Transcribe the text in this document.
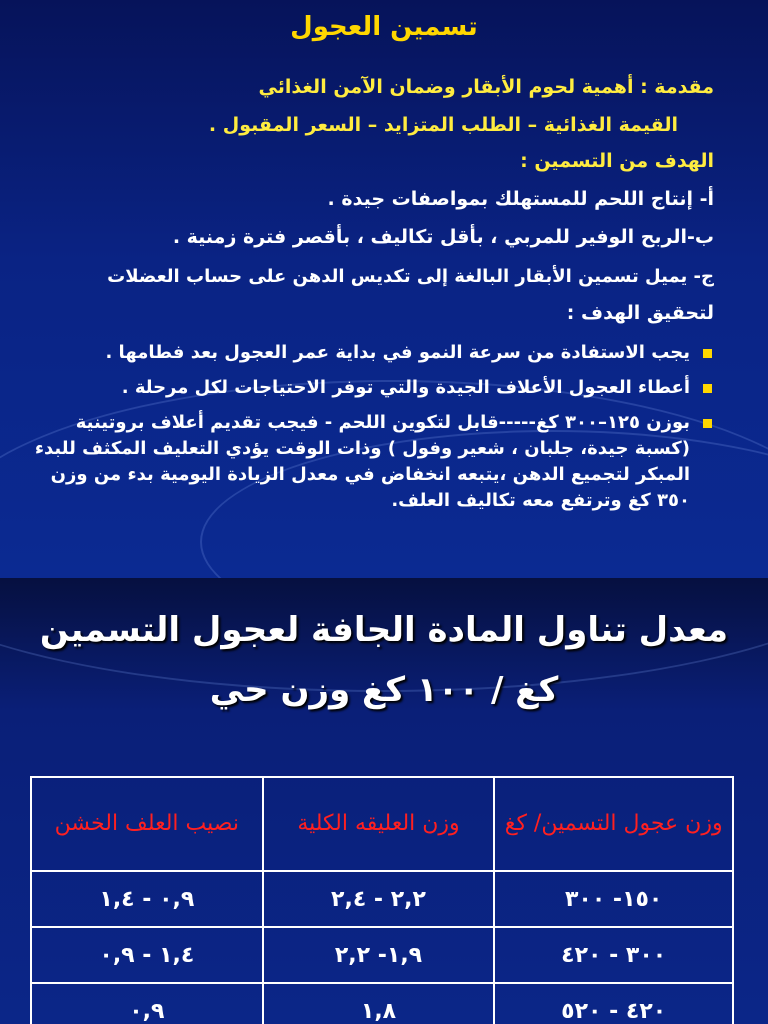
تسمين العجول
مقدمة : أهمية لحوم الأبقار وضمان الآمن الغذائي
القيمة الغذائية – الطلب المتزايد – السعر المقبول .
الهدف من التسمين :
أ- إنتاج اللحم للمستهلك بمواصفات جيدة .
ب-الربح الوفير للمربي ، بأقل تكاليف ، بأقصر فترة زمنية .
ج- يميل تسمين الأبقار البالغة إلى تكديس الدهن على حساب العضلات
لتحقيق الهدف :
يجب الاستفادة من سرعة النمو في بداية عمر العجول بعد فطامها .
أعطاء العجول الأعلاف الجيدة والتي توفر الاحتياجات لكل مرحلة .
بوزن ١٢٥–٣٠٠ كغ-----قابل لتكوين اللحم - فيجب تقديم أعلاف بروتينية (كسبة جيدة، جلبان ، شعير وفول ) وذات الوقت يؤدي التعليف المكثف للبدء المبكر لتجميع الدهن ،يتبعه انخفاض في معدل الزيادة اليومية بدء من وزن ٣٥٠ كغ وترتفع معه تكاليف العلف.
معدل تناول المادة الجافة لعجول التسمين
كغ / ١٠٠ كغ وزن حي
وزن عجول التسمين/ كغ	وزن العليقه الكلية	نصيب العلف الخشن
١٥٠- ٣٠٠	٢,٢ - ٢,٤	٠,٩ - ١,٤
٣٠٠ - ٤٢٠	١,٩- ٢,٢	١,٤ - ٠,٩
٤٢٠ - ٥٢٠	١,٨	٠,٩
